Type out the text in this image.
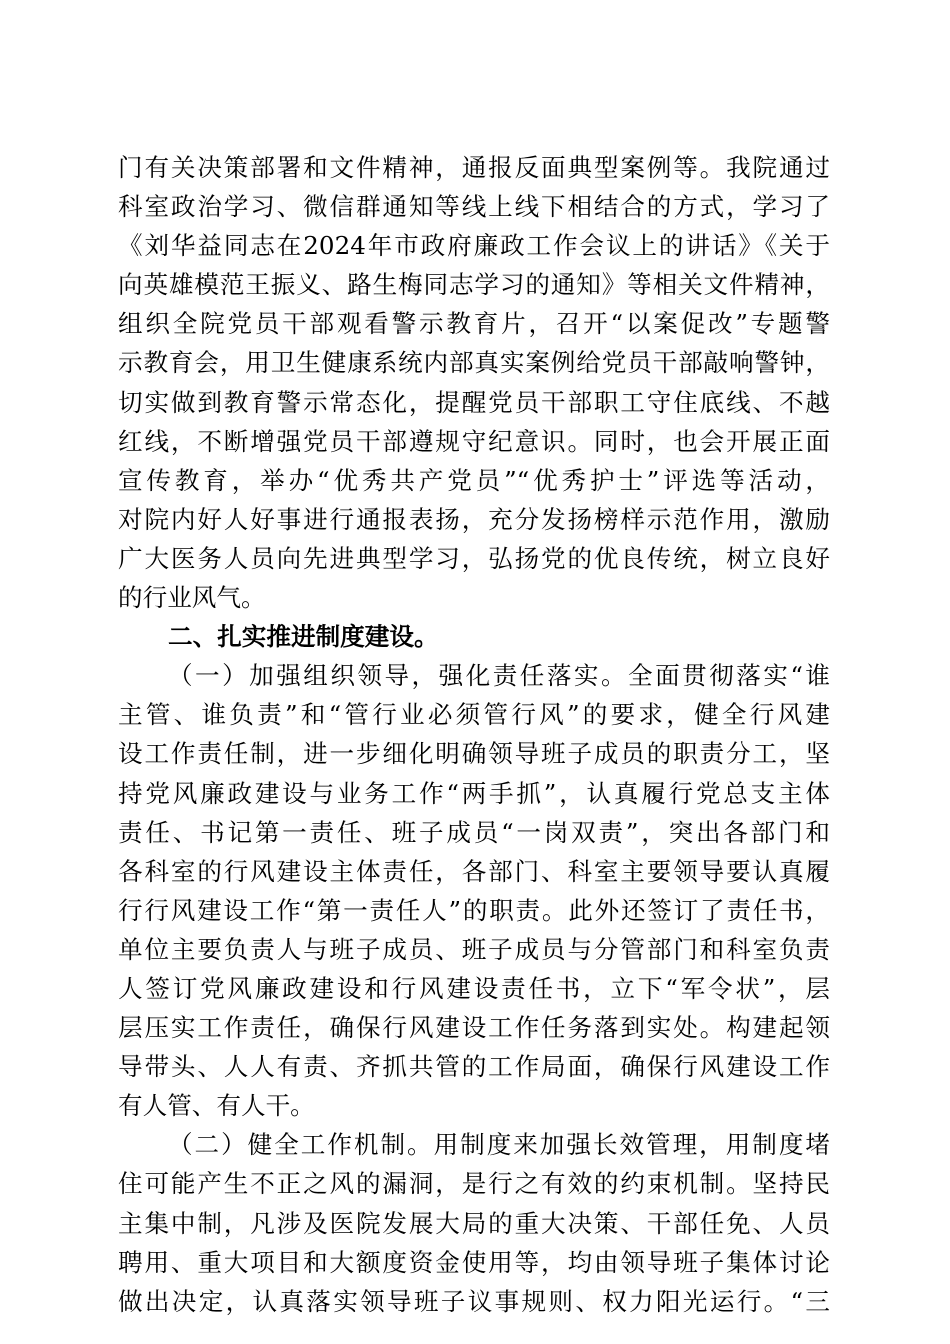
门有关决策部署和文件精神，通报反面典型案例等。我院通过
科室政治学习、微信群通知等线上线下相结合的方式，学习了
《刘华益同志在2024年市政府廉政工作会议上的讲话》《关于
向英雄模范王振义、路生梅同志学习的通知》等相关文件精神，
组织全院党员干部观看警示教育片，召开“以案促改”专题警
示教育会，用卫生健康系统内部真实案例给党员干部敲响警钟，
切实做到教育警示常态化，提醒党员干部职工守住底线、不越
红线，不断增强党员干部遵规守纪意识。同时，也会开展正面
宣传教育，举办“优秀共产党员”“优秀护士”评选等活动，
对院内好人好事进行通报表扬，充分发扬榜样示范作用，激励
广大医务人员向先进典型学习，弘扬党的优良传统，树立良好
的行业风气。
二、扎实推进制度建设。
（一）加强组织领导，强化责任落实。全面贯彻落实“谁
主管、谁负责”和“管行业必须管行风”的要求，健全行风建
设工作责任制，进一步细化明确领导班子成员的职责分工，坚
持党风廉政建设与业务工作“两手抓”，认真履行党总支主体
责任、书记第一责任、班子成员“一岗双责”，突出各部门和
各科室的行风建设主体责任，各部门、科室主要领导要认真履
行行风建设工作“第一责任人”的职责。此外还签订了责任书，
单位主要负责人与班子成员、班子成员与分管部门和科室负责
人签订党风廉政建设和行风建设责任书，立下“军令状”，层
层压实工作责任，确保行风建设工作任务落到实处。构建起领
导带头、人人有责、齐抓共管的工作局面，确保行风建设工作
有人管、有人干。
（二）健全工作机制。用制度来加强长效管理，用制度堵
住可能产生不正之风的漏洞，是行之有效的约束机制。坚持民
主集中制，凡涉及医院发展大局的重大决策、干部任免、人员
聘用、重大项目和大额度资金使用等，均由领导班子集体讨论
做出决定，认真落实领导班子议事规则、权力阳光运行。“三
